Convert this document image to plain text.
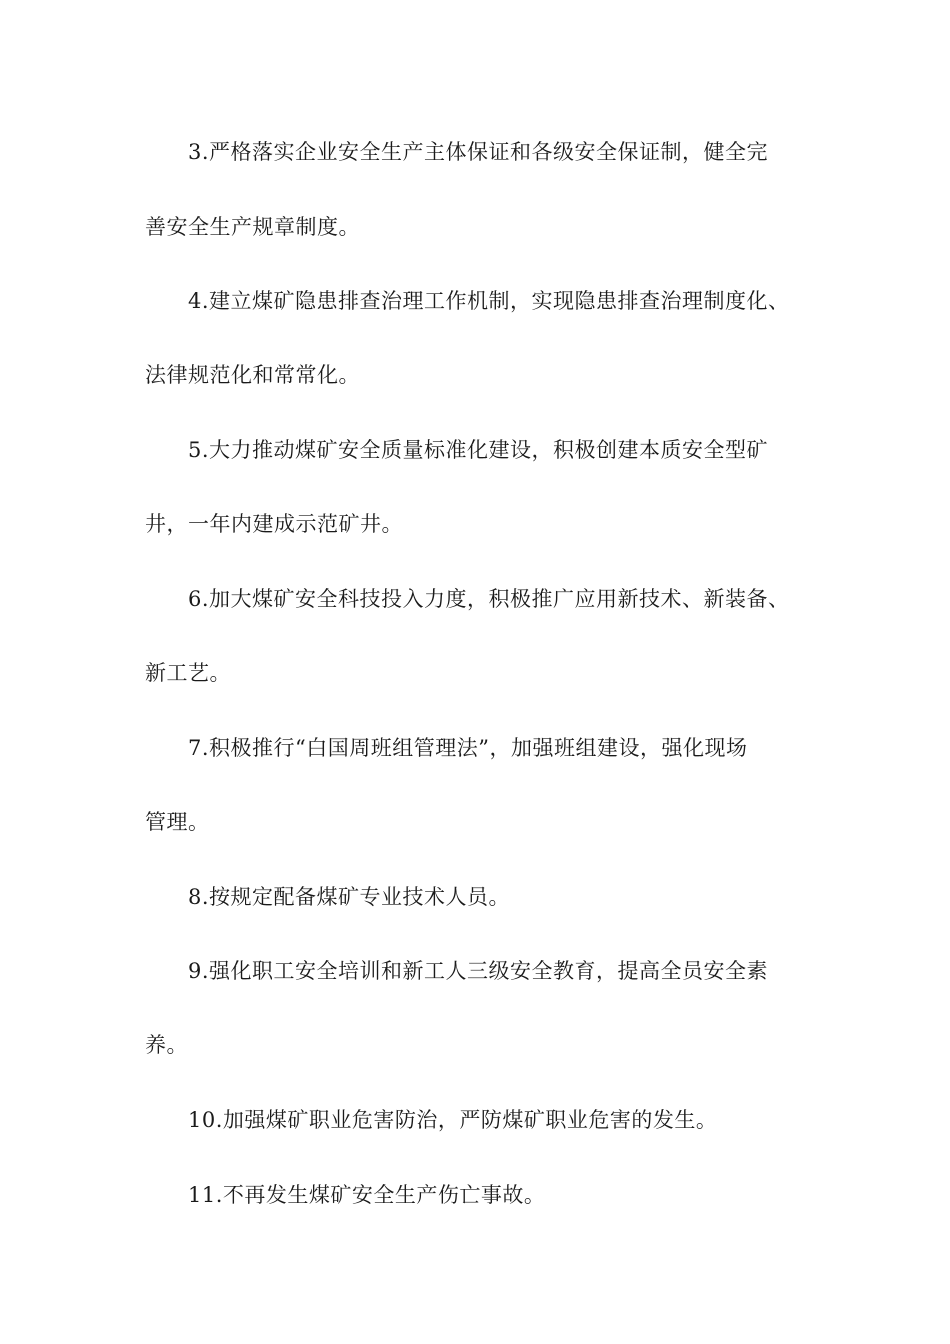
3.严格落实企业安全生产主体保证和各级安全保证制，健全完
善安全生产规章制度。
4.建立煤矿隐患排查治理工作机制，实现隐患排查治理制度化、
法律规范化和常常化。
5.大力推动煤矿安全质量标准化建设，积极创建本质安全型矿
井，一年内建成示范矿井。
6.加大煤矿安全科技投入力度，积极推广应用新技术、新装备、
新工艺。
7.积极推行“白国周班组管理法”，加强班组建设，强化现场
管理。
8.按规定配备煤矿专业技术人员。
9.强化职工安全培训和新工人三级安全教育，提高全员安全素
养。
10.加强煤矿职业危害防治，严防煤矿职业危害的发生。
11.不再发生煤矿安全生产伤亡事故。
